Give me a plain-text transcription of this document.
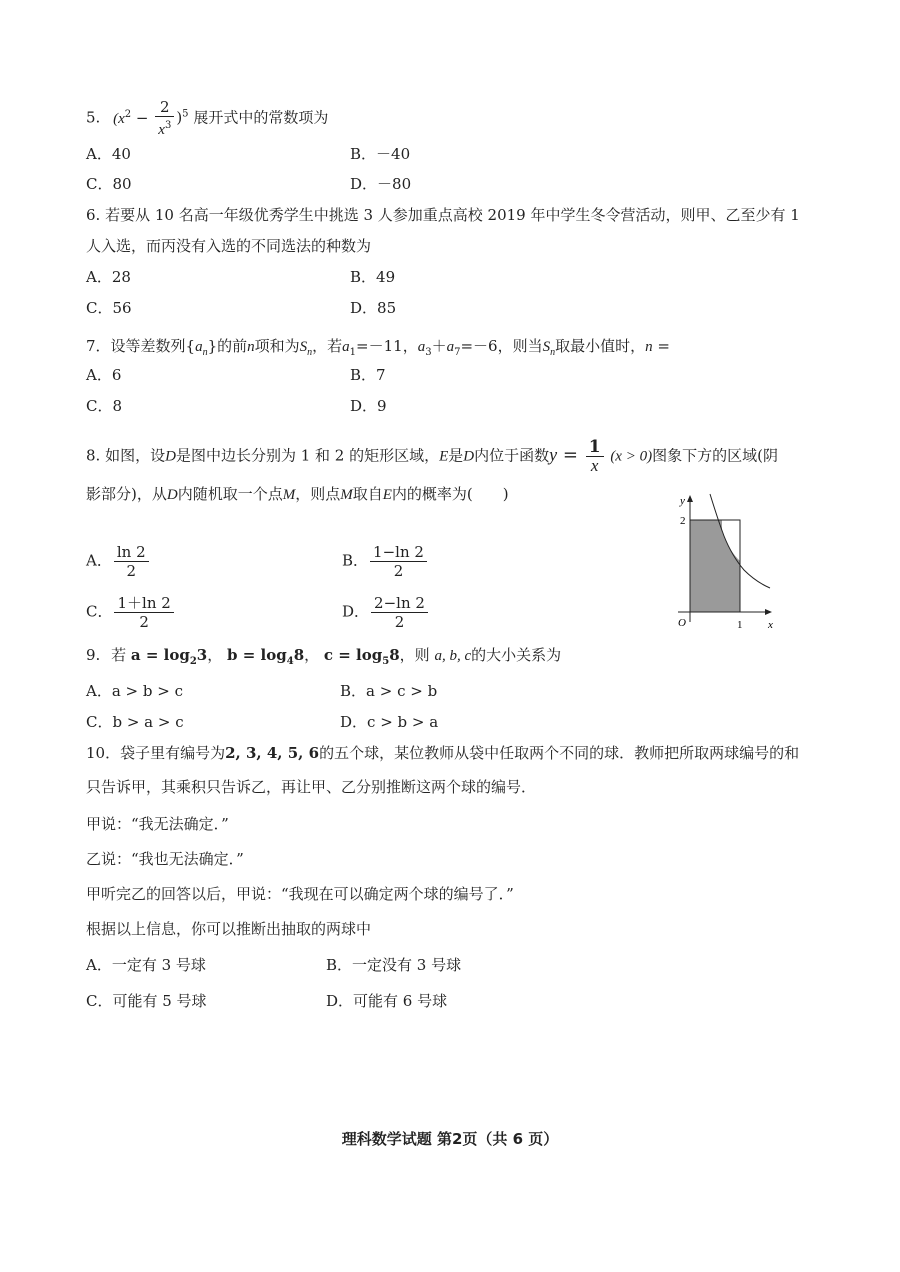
5. $(x^2 - \frac{2}{x^3} )^5$ 展开式中的常数项为
A．40	B．－40
C．80	D．－80
6. 若要从 10 名高一年级优秀学生中挑选 3 人参加重点高校 2019 年中学生冬令营活动，则甲、乙至少有 1
人入选，而丙没有入选的不同选法的种数为
A．28	B．49
C．56	D．85
7．设等差数列$\{a_n\}$的前n项和为$S_n$，若$a_1=-11$，$a_3+a_7=-6$，则当$S_n$取最小值时，n =
A．6	B．7
C．8	D．9
8. 如图，设D是图中边长分别为 1 和 2 的矩形区域，E是D内位于函数$y = \frac{1}{x} (x > 0)$图象下方的区域(阴
影部分)，从D内随机取一个点M，则点M取自E内的概率为(　　)
A． $\frac{\ln 2}{2}$	B． $\frac{1-\ln 2}{2}$
C． $\frac{1+\ln 2}{2}$	D． $\frac{2-\ln 2}{2}$
y
x
O
2
1
9. 若 $a = \log_23$， $b = \log_48$， $c = \log_58$，则 a, b, c的大小关系为
A．a > b > c	B．a > c > b
C．b > a > c	D．c > b > a
10．袋子里有编号为2, 3, 4, 5, 6的五个球，某位教师从袋中任取两个不同的球．教师把所取两球编号的和
只告诉甲，其乘积只告诉乙，再让甲、乙分别推断这两个球的编号．
甲说：“我无法确定．”
乙说：“我也无法确定．”
甲听完乙的回答以后，甲说：“我现在可以确定两个球的编号了．”
根据以上信息，你可以推断出抽取的两球中
A．一定有 3 号球	B．一定没有 3 号球
C．可能有 5 号球	D．可能有 6 号球
理科数学试题 第2页（共 6 页）
